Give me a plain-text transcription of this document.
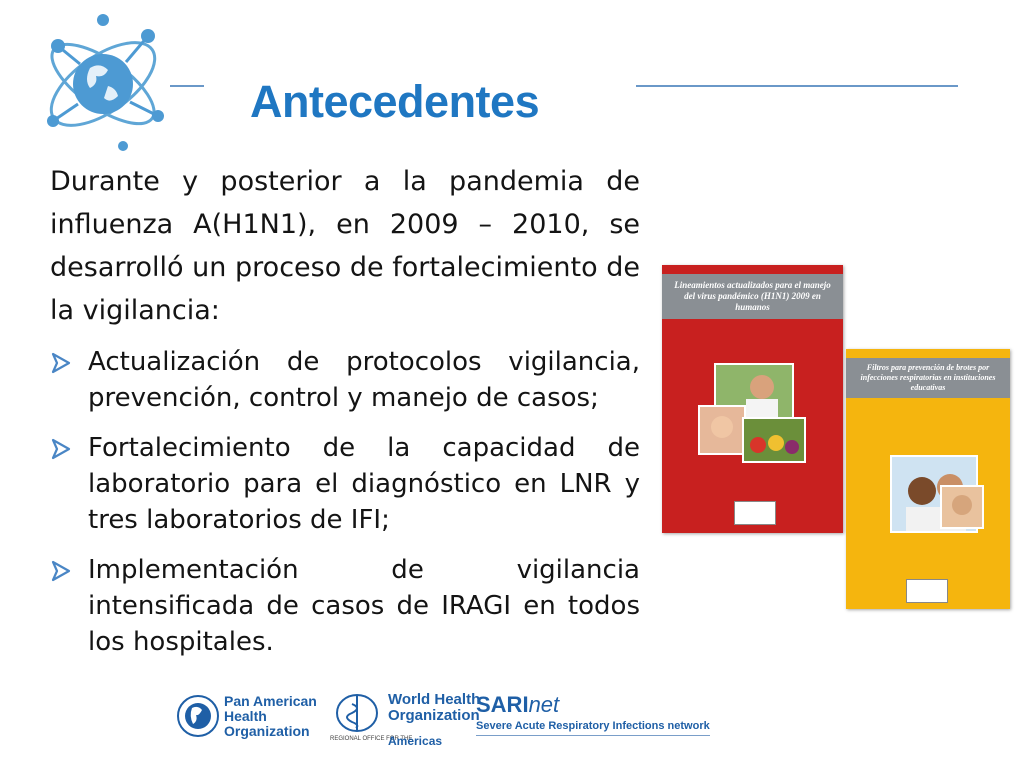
Antecedentes

Durante y posterior a la pandemia de influenza A(H1N1), en 2009 – 2010, se desarrolló un proceso de fortalecimiento de la vigilancia:

Actualización de protocolos vigilancia, prevención, control y manejo de casos;
Fortalecimiento de la capacidad de laboratorio para el diagnóstico en LNR y tres laboratorios de IFI;
Implementación de vigilancia intensificada de casos de IRAGI en todos los hospitales.
Lineamientos actualizados para el manejo del virus pandémico (H1N1) 2009 en humanos
Filtros para prevención de brotes por infecciones respiratorias en instituciones educativas
Pan American
Health
Organization
World Health
Organization
REGIONAL OFFICE FOR THE
Americas
SARInet
Severe Acute Respiratory Infections network
